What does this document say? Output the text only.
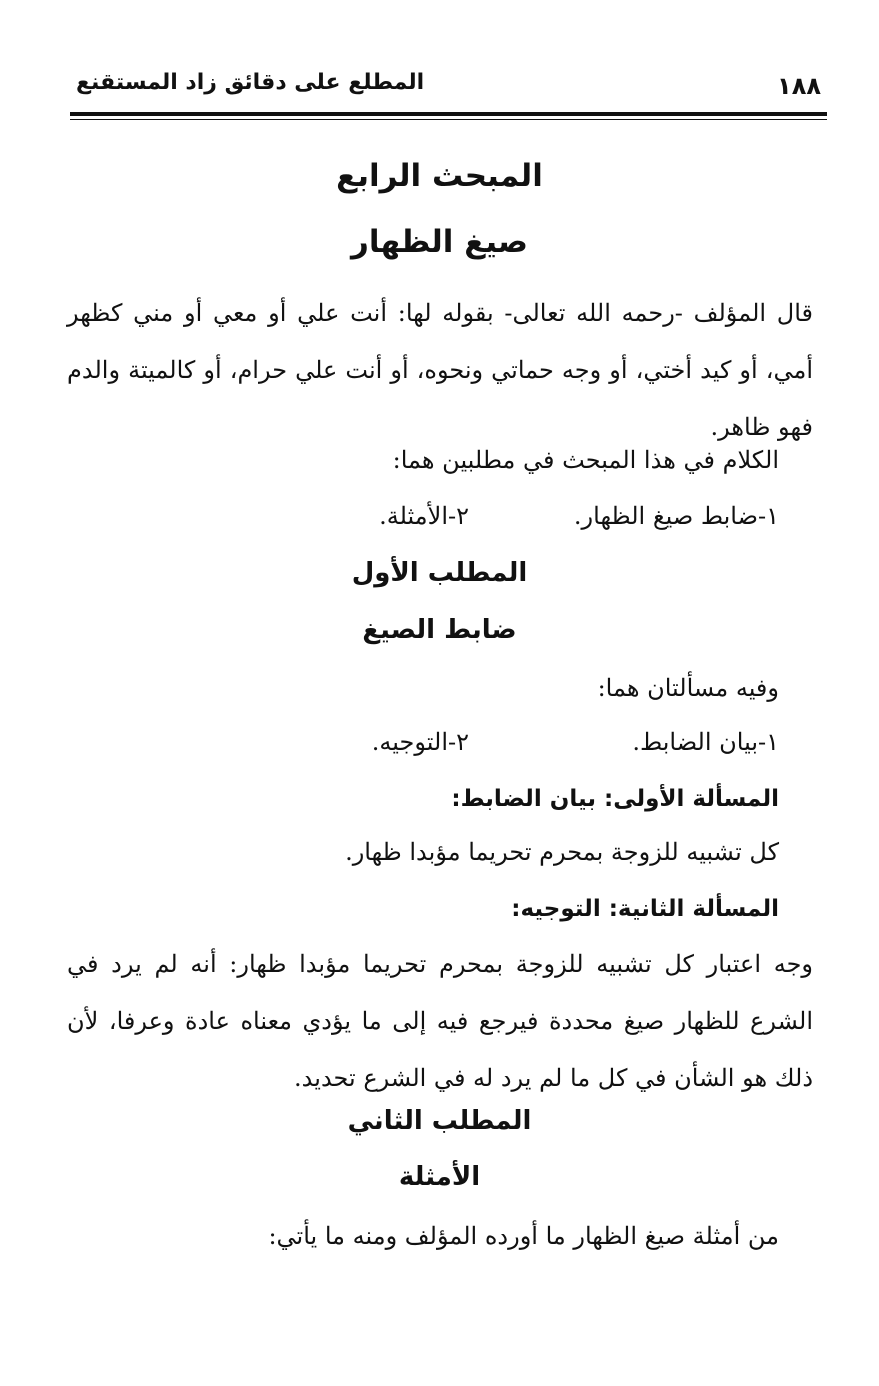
١٨٨
المطلع على دقائق زاد المستقنع
المبحث الرابع
صيغ الظهار

قال المؤلف -رحمه الله تعالى- بقوله لها: أنت علي أو معي أو مني كظهر أمي، أو كيد أختي، أو وجه حماتي ونحوه، أو أنت علي حرام، أو كالميتة والدم فهو ظاهر.

الكلام في هذا المبحث في مطلبين هما:

١-ضابط صيغ الظهار.
٢-الأمثلة.
المطلب الأول
ضابط الصيغ

وفيه مسألتان هما:

١-بيان الضابط.
٢-التوجيه.

المسألة الأولى: بيان الضابط:

كل تشبيه للزوجة بمحرم تحريما مؤبدا ظهار.

المسألة الثانية: التوجيه:

وجه اعتبار كل تشبيه للزوجة بمحرم تحريما مؤبدا ظهار: أنه لم يرد في الشرع للظهار صيغ محددة فيرجع فيه إلى ما يؤدي معناه عادة وعرفا، لأن ذلك هو الشأن في كل ما لم يرد له في الشرع تحديد.

المطلب الثاني
الأمثلة

من أمثلة صيغ الظهار ما أورده المؤلف ومنه ما يأتي:
